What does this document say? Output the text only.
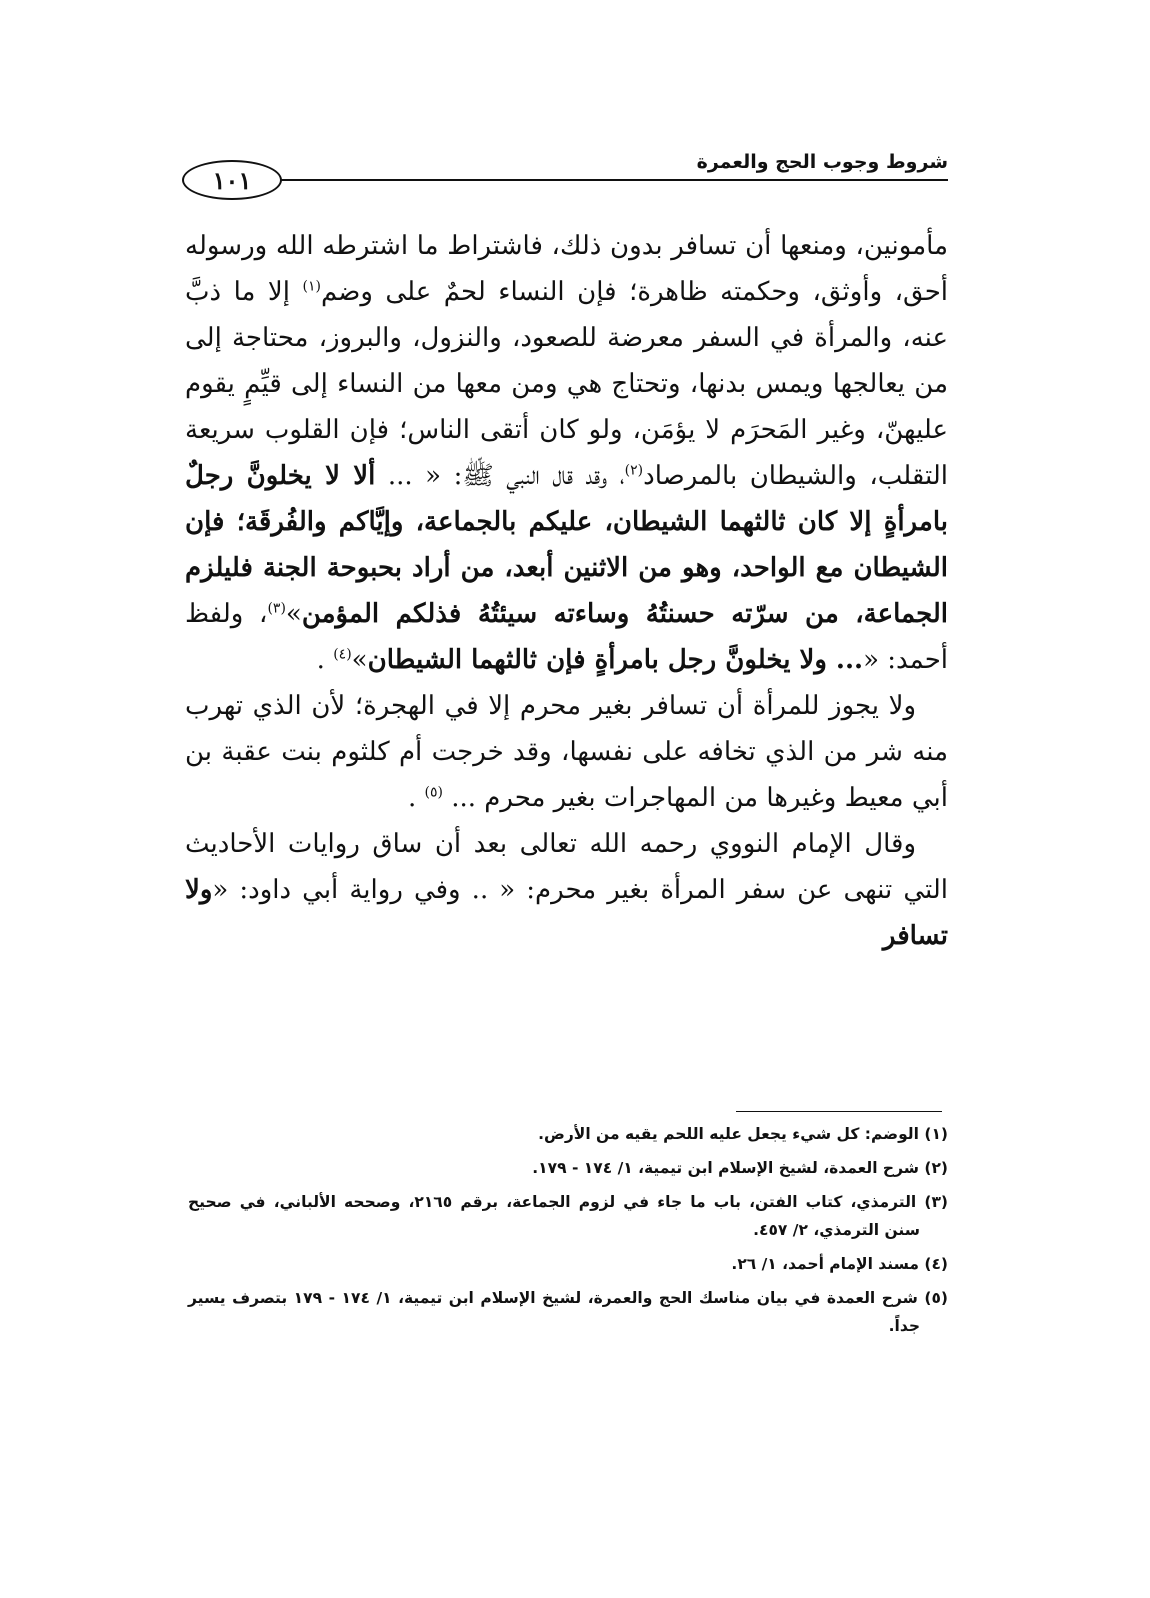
١٠١
شروط وجوب الحج والعمرة

مأمونين، ومنعها أن تسافر بدون ذلك، فاشتراط ما اشترطه الله ورسوله أحق، وأوثق، وحكمته ظاهرة؛ فإن النساء لحمٌ على وضم$^{(١)}$ إلا ما ذبَّ عنه، والمرأة في السفر معرضة للصعود، والنزول، والبروز، محتاجة إلى من يعالجها ويمس بدنها، وتحتاج هي ومن معها من النساء إلى قيِّمٍ يقوم عليهنّ، وغير المَحرَم لا يؤمَن، ولو كان أتقى الناس؛ فإن القلوب سريعة التقلب، والشيطان بالمرصاد$^{(٢)}$، وقد قال النبي ﷺ: « ... ألا لا يخلونَّ رجلٌ بامرأةٍ إلا كان ثالثهما الشيطان، عليكم بالجماعة، وإيَّاكم والفُرقَة؛ فإن الشيطان مع الواحد، وهو من الاثنين أبعد، من أراد بحبوحة الجنة فليلزم الجماعة، من سرّته حسنتُهُ وساءته سيئتُهُ فذلكم المؤمن»$^{(٣)}$، ولفظ أحمد: «... ولا يخلونَّ رجل بامرأةٍ فإن ثالثهما الشيطان»$^{(٤)}$ .

ولا يجوز للمرأة أن تسافر بغير محرم إلا في الهجرة؛ لأن الذي تهرب منه شر من الذي تخافه على نفسها، وقد خرجت أم كلثوم بنت عقبة بن أبي معيط وغيرها من المهاجرات بغير محرم ... $^{(٥)}$ .

وقال الإمام النووي رحمه الله تعالى بعد أن ساق روايات الأحاديث التي تنهى عن سفر المرأة بغير محرم: « .. وفي رواية أبي داود: «ولا تسافر

(١) الوضم: كل شيء يجعل عليه اللحم يقيه من الأرض.

(٢) شرح العمدة، لشيخ الإسلام ابن تيمية، ١/ ١٧٤ - ١٧٩.

(٣) الترمذي، كتاب الفتن، باب ما جاء في لزوم الجماعة، برقم ٢١٦٥، وصححه الألباني، في صحيح سنن الترمذي، ٢/ ٤٥٧.

(٤) مسند الإمام أحمد، ١/ ٢٦.

(٥) شرح العمدة في بيان مناسك الحج والعمرة، لشيخ الإسلام ابن تيمية، ١/ ١٧٤ - ١٧٩ بتصرف يسير جداً.
